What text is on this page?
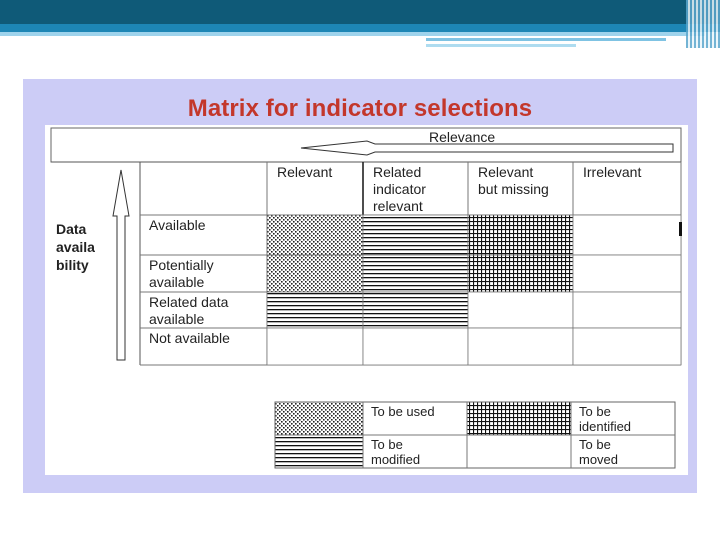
Matrix for indicator selections
Relevance
Data availa bility
Relevant	Related indicator relevant
Relevant but missing
Irrelevant
Available
Potentially available
Related data available
Not available
To be used	To be identified
To be modified
To be moved
